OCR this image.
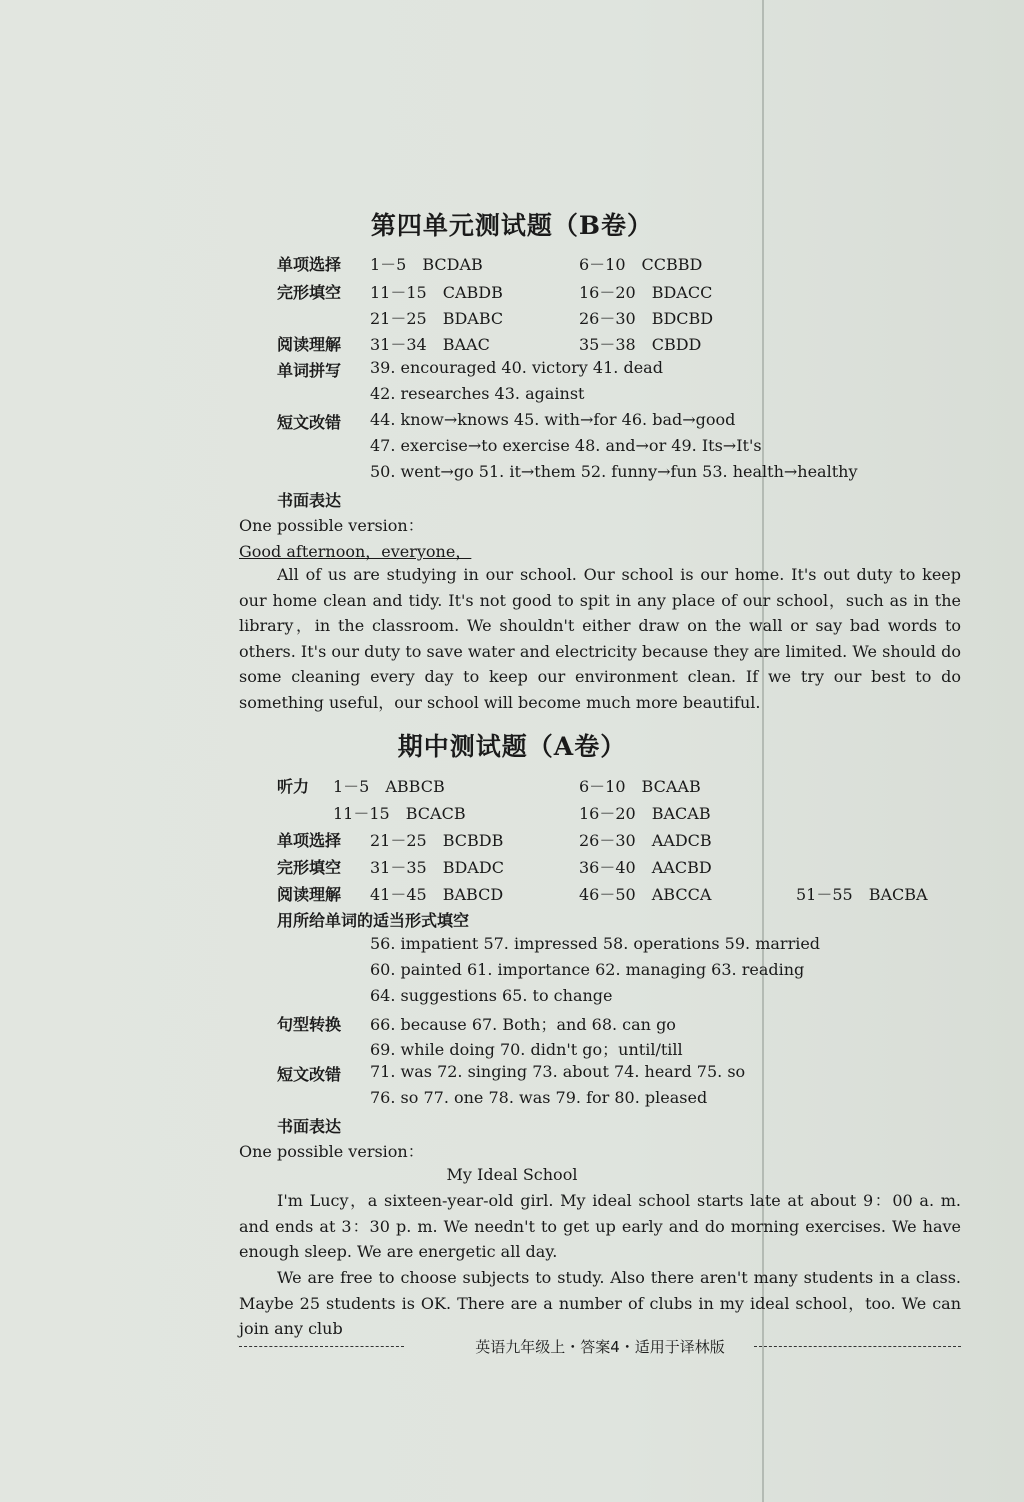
第四单元测试题（B卷）
单项选择 1－5　BCDAB	6－10　CCBBD
完形填空 11－15　CABDB	16－20　BDACC
21－25　BDABC	26－30　BDCBD
阅读理解 31－34　BAAC	35－38　CBDD
单词拼写 39. encouraged 40. victory 41. dead
42. researches 43. against
短文改错 44. know→knows 45. with→for 46. bad→good
47. exercise→to exercise 48. and→or 49. Its→It's
50. went→go 51. it→them 52. funny→fun 53. health→healthy
书面表达
One possible version：
Good afternoon，everyone，
All of us are studying in our school. Our school is our home. It's out duty to keep our home clean and tidy. It's not good to spit in any place of our school，such as in the library，in the classroom. We shouldn't either draw on the wall or say bad words to others. It's our duty to save water and electricity because they are limited. We should do some cleaning every day to keep our environment clean. If we try our best to do something useful，our school will become much more beautiful.
期中测试题（A卷）
听力 1－5　ABBCB	6－10　BCAAB
11－15　BCACB	16－20　BACAB
单项选择 21－25　BCBDB	26－30　AADCB
完形填空 31－35　BDADC	36－40　AACBD
阅读理解 41－45　BABCD	46－50　ABCCA	51－55　BACBA
用所给单词的适当形式填空
56. impatient 57. impressed 58. operations 59. married
60. painted 61. importance 62. managing 63. reading
64. suggestions 65. to change
句型转换 66. because 67. Both；and 68. can go
69. while doing 70. didn't go；until/till
短文改错 71. was 72. singing 73. about 74. heard 75. so
76. so 77. one 78. was 79. for 80. pleased
书面表达
One possible version：
My Ideal School
I'm Lucy，a sixteen-year-old girl. My ideal school starts late at about 9：00 a. m. and ends at 3：30 p. m. We needn't to get up early and do morning exercises. We have enough sleep. We are energetic all day.
We are free to choose subjects to study. Also there aren't many students in a class. Maybe 25 students is OK. There are a number of clubs in my ideal school，too. We can join any club
英语九年级上・答案4・适用于译林版
